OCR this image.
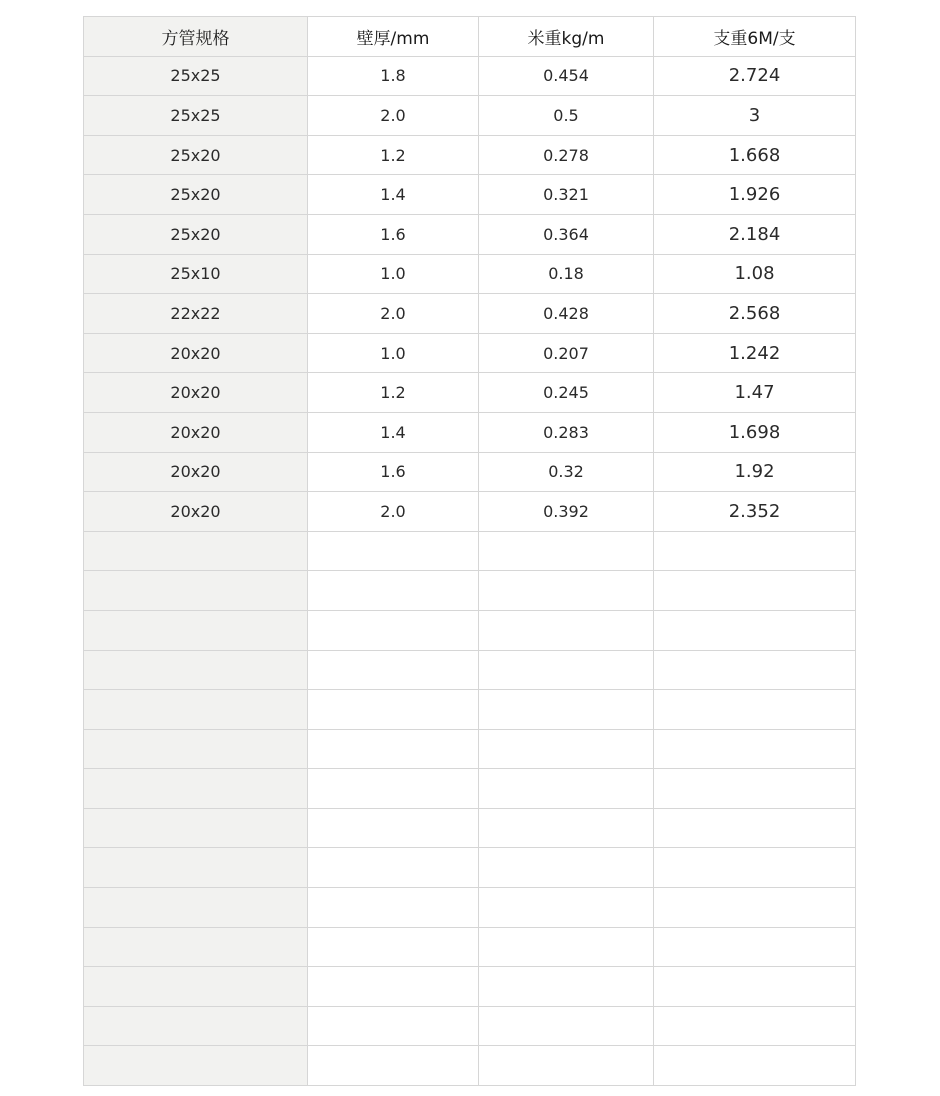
方管规格	壁厚/mm	米重kg/m	支重6M/支
25x25	1.8	0.454	2.724
25x25	2.0	0.5	3
25x20	1.2	0.278	1.668
25x20	1.4	0.321	1.926
25x20	1.6	0.364	2.184
25x10	1.0	0.18	1.08
22x22	2.0	0.428	2.568
20x20	1.0	0.207	1.242
20x20	1.2	0.245	1.47
20x20	1.4	0.283	1.698
20x20	1.6	0.32	1.92
20x20	2.0	0.392	2.352
